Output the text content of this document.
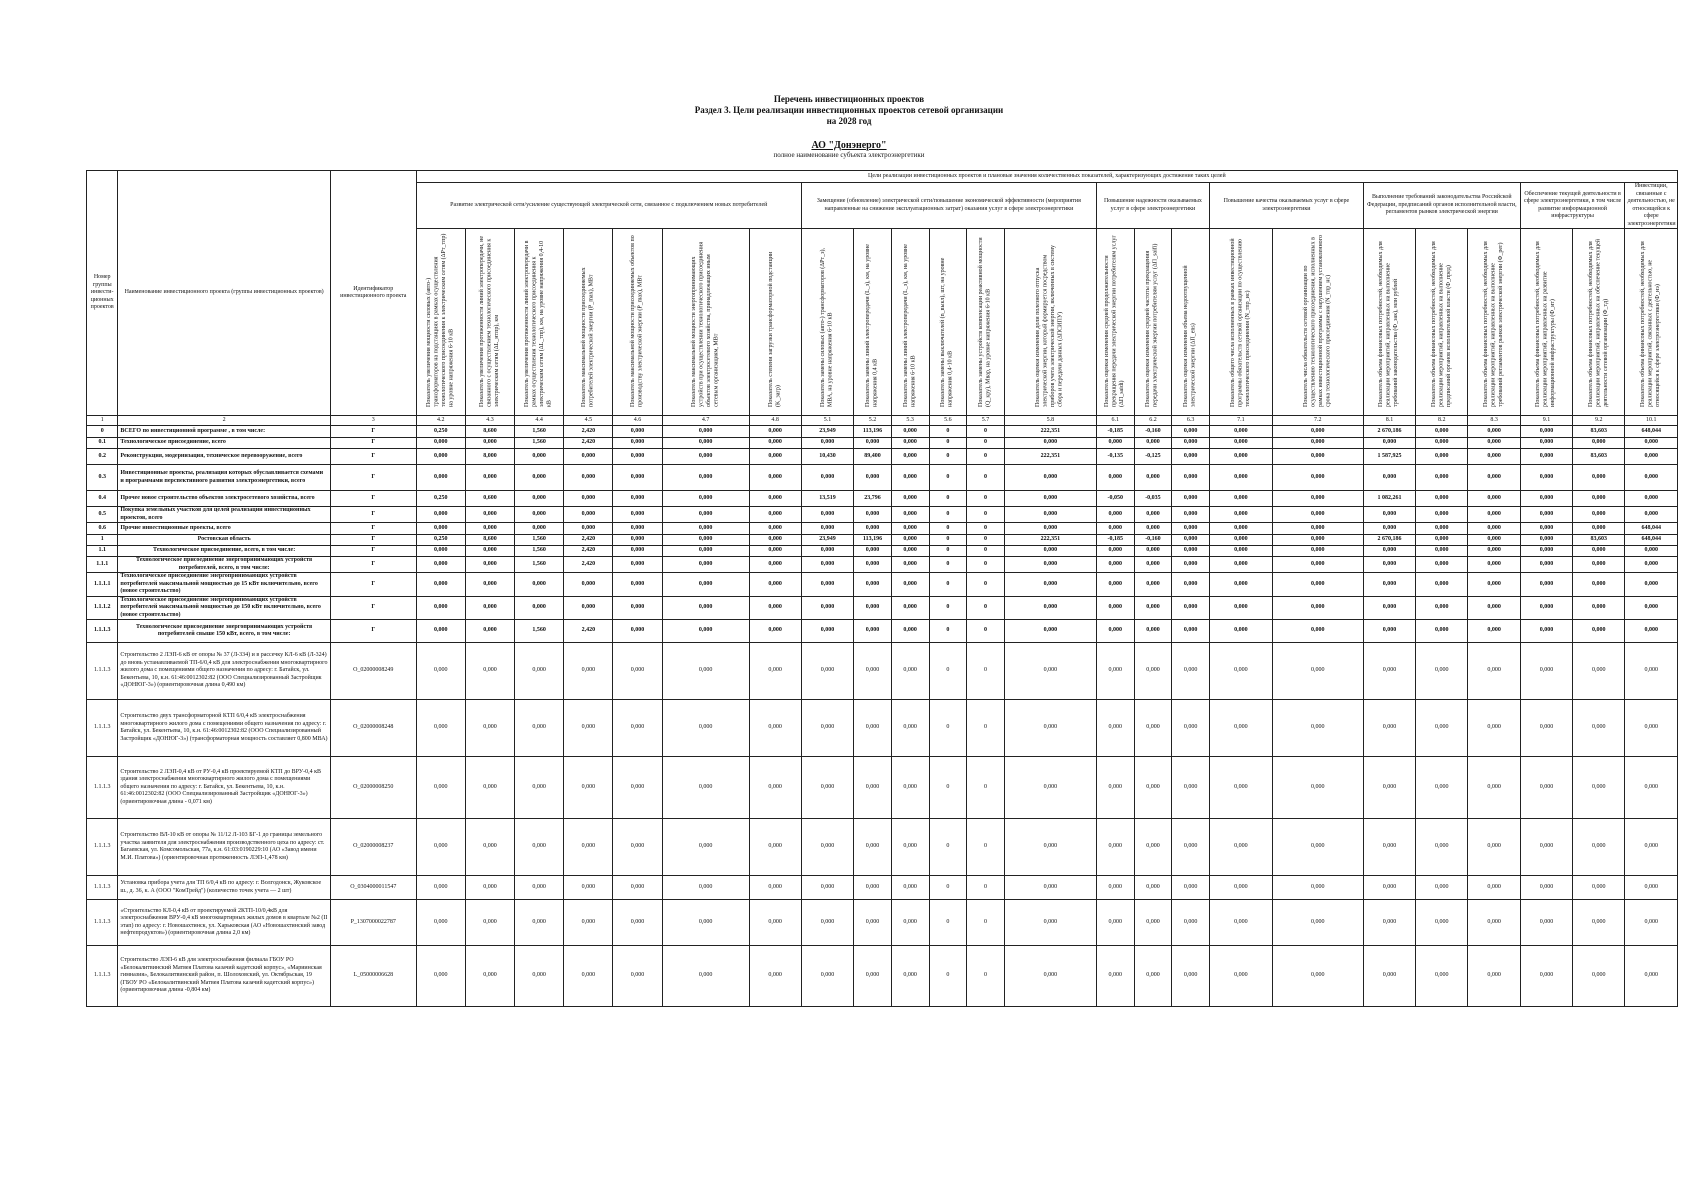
Перечень инвестиционных проектов
Раздел 3. Цели реализации инвестиционных проектов сетевой организации
на 2028 год
АО "Донэнерго"
полное наименование субъекта электроэнергетики
Номер группы инвести-ционных проектов	Наименование инвестиционного проекта (группы инвестиционных проектов)	Идентификатор инвестиционного проекта	Цели реализации инвестиционных проектов и плановые значения количественных показателей, характеризующих достижение таких целей																							
			Развитие электрической сети/усиление существующей электрической сети, связанное с подключением новых потребителей							Замещение (обновление) электрической сети/повышение экономической эффективности (мероприятия направленные на снижение эксплуатационных затрат) оказания услуг в сфере электроэнергетики						Повышение надежности оказываемых услуг в сфере электроэнергетики			Повышение качества оказываемых услуг в сфере электроэнергетики		Выполнение требований законодательства Российской Федерации, предписаний органов исполнительной власти, регламентов рынков электрической энергии			Обеспечение текущей деятельности в сфере электроэнергетики, в том числе развитие информационной инфраструктуры		Инвестиции, связанные с деятельностью, не относящейся к сфере электроэнергетики
			Показатель увеличения мощности силовых (авто-) трансформаторов на подстанциях в рамках осуществления технологического присоединения к электрическим сетям (ΔPт_тпр) на уровне напряжения 6-10 кВ	Показатель увеличения протяженности линий электропередачи, не связанного с осуществлением технологического присоединения к электрическим сетям (ΔL_нтпр), км	Показатель увеличения протяженности линий электропередачи в рамках осуществления технологического присоединения к электрическим сетям (ΔL_тпр), км, на уровне напряжения 0,4-10 кВ	Показатель максимальной мощности присоединяемых потребителей электрической энергии (P_max), МВт	Показатель максимальной мощности присоединяемых объектов по производству электрической энергии (P_max), МВт	Показатель максимальной мощности энергопринимающих устройств при осуществлении технологического присоединения объектов электросетевого хозяйства, принадлежащих иным сетевым организациям, МВт	Показатель степени загрузки трансформаторной подстанции (K_загр)	Показатель замены силовых (авто-) трансформаторов (ΔPт_з), МВА, на уровне напряжения 6-10 кВ	Показатель замены линий электропередачи (L_з), км, на уровне напряжения 0,4 кВ	Показатель замены линий электропередачи (L_з), км, на уровне напряжения 6-10 кВ	Показатель замены выключателей (n_выкл), шт, на уровне напряжения 0,4-10 кВ	Показатель замены устройств компенсации реактивной мощности (Q_кру), Мвар, на уровне напряжения 6-10 кВ	Показатель оценки изменения доли полезного отпуска электрической энергии, который формируется посредством приборов учета электрической энергии, включенных в систему сбора и передачи данных (ΔПСИПУ)	Показатель оценки изменения средней продолжительности прекращения передачи электрической энергии потребителям услуг (ΔП_saidi)	Показатель оценки изменения средней частоты прекращения передачи электрической энергии потребителям услуг (ΔП_saifi)	Показатель оценки изменения объема недоотпущенной электрической энергии (ΔП_ens)	Показатель общего числа исполненных в рамках инвестиционной программы обязательств сетевой организации по осуществлению технологического присоединения (N_тпр_ис)	Показатель числа обязательств сетевой организации по осуществлению технологического присоединения, исполненных в рамках инвестиционной программы с нарушением установленного срока технологического присоединения (N_тпр_нс)	Показатель объема финансовых потребностей, необходимых для реализации мероприятий, направленных на выполнение требований законодательства (Ф_зак), млн рублей	Показатель объема финансовых потребностей, необходимых для реализации мероприятий, направленных на выполнение предписаний органов исполнительной власти (Ф_пред)	Показатель объема финансовых потребностей, необходимых для реализации мероприятий, направленных на выполнение требований регламентов рынков электрической энергии (Ф_рег)	Показатель объема финансовых потребностей, необходимых для реализации мероприятий, направленных на развитие информационной инфраструктуры (Ф_ит)	Показатель объема финансовых потребностей, необходимых для реализации мероприятий, направленных на обеспечение текущей деятельности сетевой организации (Ф_тд)	Показатель объема финансовых потребностей, необходимых для реализации мероприятий, связанных с деятельностью, не относящейся к сфере электроэнергетики (Ф_нэ)
1	2	3	4.2	4.3	4.4	4.5	4.6	4.7	4.8	5.1	5.2	5.3	5.6	5.7	5.8	6.1	6.2	6.3	7.1	7.2	8.1	8.2	8.3	9.1	9.2	10.1
0	ВСЕГО по инвестиционной программе , в том числе:	Г	0,250	8,600	1,560	2,420	0,000	0,000	0,000	23,949	113,196	0,000	0	0	222,351	-0,185	-0,160	0,000	0,000	0,000	2 670,186	0,000	0,000	0,000	83,603	648,044
0.1	Технологическое присоединение, всего	Г	0,000	0,000	1,560	2,420	0,000	0,000	0,000	0,000	0,000	0,000	0	0	0,000	0,000	0,000	0,000	0,000	0,000	0,000	0,000	0,000	0,000	0,000	0,000
0.2	Реконструкция, модернизация, техническое перевооружение, всего	Г	0,000	8,000	0,000	0,000	0,000	0,000	0,000	10,430	89,400	0,000	0	0	222,351	-0,135	-0,125	0,000	0,000	0,000	1 587,925	0,000	0,000	0,000	83,603	0,000
0.3	Инвестиционные проекты, реализация которых обуславливается схемами и программами перспективного развития электроэнергетики, всего	Г	0,000	0,000	0,000	0,000	0,000	0,000	0,000	0,000	0,000	0,000	0	0	0,000	0,000	0,000	0,000	0,000	0,000	0,000	0,000	0,000	0,000	0,000	0,000
0.4	Прочее новое строительство объектов электросетевого хозяйства, всего	Г	0,250	0,600	0,000	0,000	0,000	0,000	0,000	13,519	23,796	0,000	0	0	0,000	-0,050	-0,035	0,000	0,000	0,000	1 082,261	0,000	0,000	0,000	0,000	0,000
0.5	Покупка земельных участков для целей реализации инвестиционных проектов, всего	Г	0,000	0,000	0,000	0,000	0,000	0,000	0,000	0,000	0,000	0,000	0	0	0,000	0,000	0,000	0,000	0,000	0,000	0,000	0,000	0,000	0,000	0,000	0,000
0.6	Прочие инвестиционные проекты, всего	Г	0,000	0,000	0,000	0,000	0,000	0,000	0,000	0,000	0,000	0,000	0	0	0,000	0,000	0,000	0,000	0,000	0,000	0,000	0,000	0,000	0,000	0,000	648,044
1	Ростовская область	Г	0,250	8,600	1,560	2,420	0,000	0,000	0,000	23,949	113,196	0,000	0	0	222,351	-0,185	-0,160	0,000	0,000	0,000	2 670,186	0,000	0,000	0,000	83,603	648,044
1.1	Технологическое присоединение, всего, в том числе:	Г	0,000	0,000	1,560	2,420	0,000	0,000	0,000	0,000	0,000	0,000	0	0	0,000	0,000	0,000	0,000	0,000	0,000	0,000	0,000	0,000	0,000	0,000	0,000
1.1.1	Технологическое присоединение энергопринимающих устройств потребителей, всего, в том числе:	Г	0,000	0,000	1,560	2,420	0,000	0,000	0,000	0,000	0,000	0,000	0	0	0,000	0,000	0,000	0,000	0,000	0,000	0,000	0,000	0,000	0,000	0,000	0,000
1.1.1.1	Технологическое присоединение энергопринимающих устройств потребителей максимальной мощностью до 15 кВт включительно, всего (новое строительство)	Г	0,000	0,000	0,000	0,000	0,000	0,000	0,000	0,000	0,000	0,000	0	0	0,000	0,000	0,000	0,000	0,000	0,000	0,000	0,000	0,000	0,000	0,000	0,000
1.1.1.2	Технологическое присоединение энергопринимающих устройств потребителей максимальной мощностью до 150 кВт включительно, всего (новое строительство)	Г	0,000	0,000	0,000	0,000	0,000	0,000	0,000	0,000	0,000	0,000	0	0	0,000	0,000	0,000	0,000	0,000	0,000	0,000	0,000	0,000	0,000	0,000	0,000
1.1.1.3	Технологическое присоединение энергопринимающих устройств потребителей свыше 150 кВт, всего, в том числе:	Г	0,000	0,000	1,560	2,420	0,000	0,000	0,000	0,000	0,000	0,000	0	0	0,000	0,000	0,000	0,000	0,000	0,000	0,000	0,000	0,000	0,000	0,000	0,000
1.1.1.3	Строительство 2 ЛЭП-6 кВ от опоры № 37 (Л-334) и в рассечку КЛ-6 кВ (Л-324) до вновь устанавливаемой ТП-6/0,4 кВ для электроснабжения многоквартирного жилого дома с помещениями общего назначения по адресу: г. Батайск, ул. Бекентьева, 10, к.н. 61:46:0012302:82 (ООО Специализированный Застройщик «ДОНЮГ-3») (ориентировочная длина 0,490 км)	О_02000008249	0,000	0,000	0,000	0,000	0,000	0,000	0,000	0,000	0,000	0,000	0	0	0,000	0,000	0,000	0,000	0,000	0,000	0,000	0,000	0,000	0,000	0,000	0,000
1.1.1.3	Строительство двух трансформаторной КТП 6/0,4 кВ электроснабжения многоквартирного жилого дома с помещениями общего назначения по адресу: г. Батайск, ул. Бекентьева, 10, к.н. 61:46:0012302:82 (ООО Специализированный Застройщик «ДОНЮГ-3») (трансформаторная мощность составляет 0,800 МВА)	О_02000008248	0,000	0,000	0,000	0,000	0,000	0,000	0,000	0,000	0,000	0,000	0	0	0,000	0,000	0,000	0,000	0,000	0,000	0,000	0,000	0,000	0,000	0,000	0,000
1.1.1.3	Строительство 2 ЛЭП-0,4 кВ от РУ-0,4 кВ проектируемой КТП до ВРУ-0,4 кВ здания электроснабжения многоквартирного жилого дома с помещениями общего назначения по адресу: г. Батайск, ул. Бекентьева, 10, к.н. 61:46:0012302:82 (ООО Специализированный Застройщик «ДОНЮГ-3») (ориентировочная длина - 0,071 км)	О_02000008250	0,000	0,000	0,000	0,000	0,000	0,000	0,000	0,000	0,000	0,000	0	0	0,000	0,000	0,000	0,000	0,000	0,000	0,000	0,000	0,000	0,000	0,000	0,000
1.1.1.3	Строительство ВЛ-10 кВ от опоры № 11/12 Л-103 БГ-1 до границы земельного участка заявителя для электроснабжения производственного цеха по адресу: ст. Багаевская, ул. Комсомольская, 77а, к.н. 61:03:0190229:10 (АО «Завод имени М.И. Платова») (ориентировочная протяженность ЛЭП-1,478 км)	О_02000008237	0,000	0,000	0,000	0,000	0,000	0,000	0,000	0,000	0,000	0,000	0	0	0,000	0,000	0,000	0,000	0,000	0,000	0,000	0,000	0,000	0,000	0,000	0,000
1.1.1.3	Установка прибора учета для ТП 6/0,4 кВ по адресу: г. Волгодонск, Жуковское ш., д. 36, к. А (ООО "КомТрейд") (количество точек учета — 2 шт)	О_0304000011547	0,000	0,000	0,000	0,000	0,000	0,000	0,000	0,000	0,000	0,000	0	0	0,000	0,000	0,000	0,000	0,000	0,000	0,000	0,000	0,000	0,000	0,000	0,000
1.1.1.3	«Строительство КЛ-0,4 кВ от проектируемой 2КТП-10/0,4кВ для электроснабжения ВРУ-0,4 кВ многоквартирных жилых домов в квартале №2 (II этап) по адресу: г. Новошахтинск, ул. Харьковская (АО «Новошахтинский завод нефтепродуктов») (ориентировочная длина 2,0 км)	Р_1307000022787	0,000	0,000	0,000	0,000	0,000	0,000	0,000	0,000	0,000	0,000	0	0	0,000	0,000	0,000	0,000	0,000	0,000	0,000	0,000	0,000	0,000	0,000	0,000
1.1.1.3	Строительство ЛЭП-6 кВ для электроснабжения филиала ГБОУ РО «Белокалитвинский Матвея Платова казачий кадетский корпус», «Мариинская гимназия», Белокалитвинский район, п. Шолоховский, ул. Октябрьская, 19 (ГБОУ РО «Белокалитвинский Матвея Платова казачий кадетский корпус») (ориентировочная длина -0,804 км)	L_05000006628	0,000	0,000	0,000	0,000	0,000	0,000	0,000	0,000	0,000	0,000	0	0	0,000	0,000	0,000	0,000	0,000	0,000	0,000	0,000	0,000	0,000	0,000	0,000
